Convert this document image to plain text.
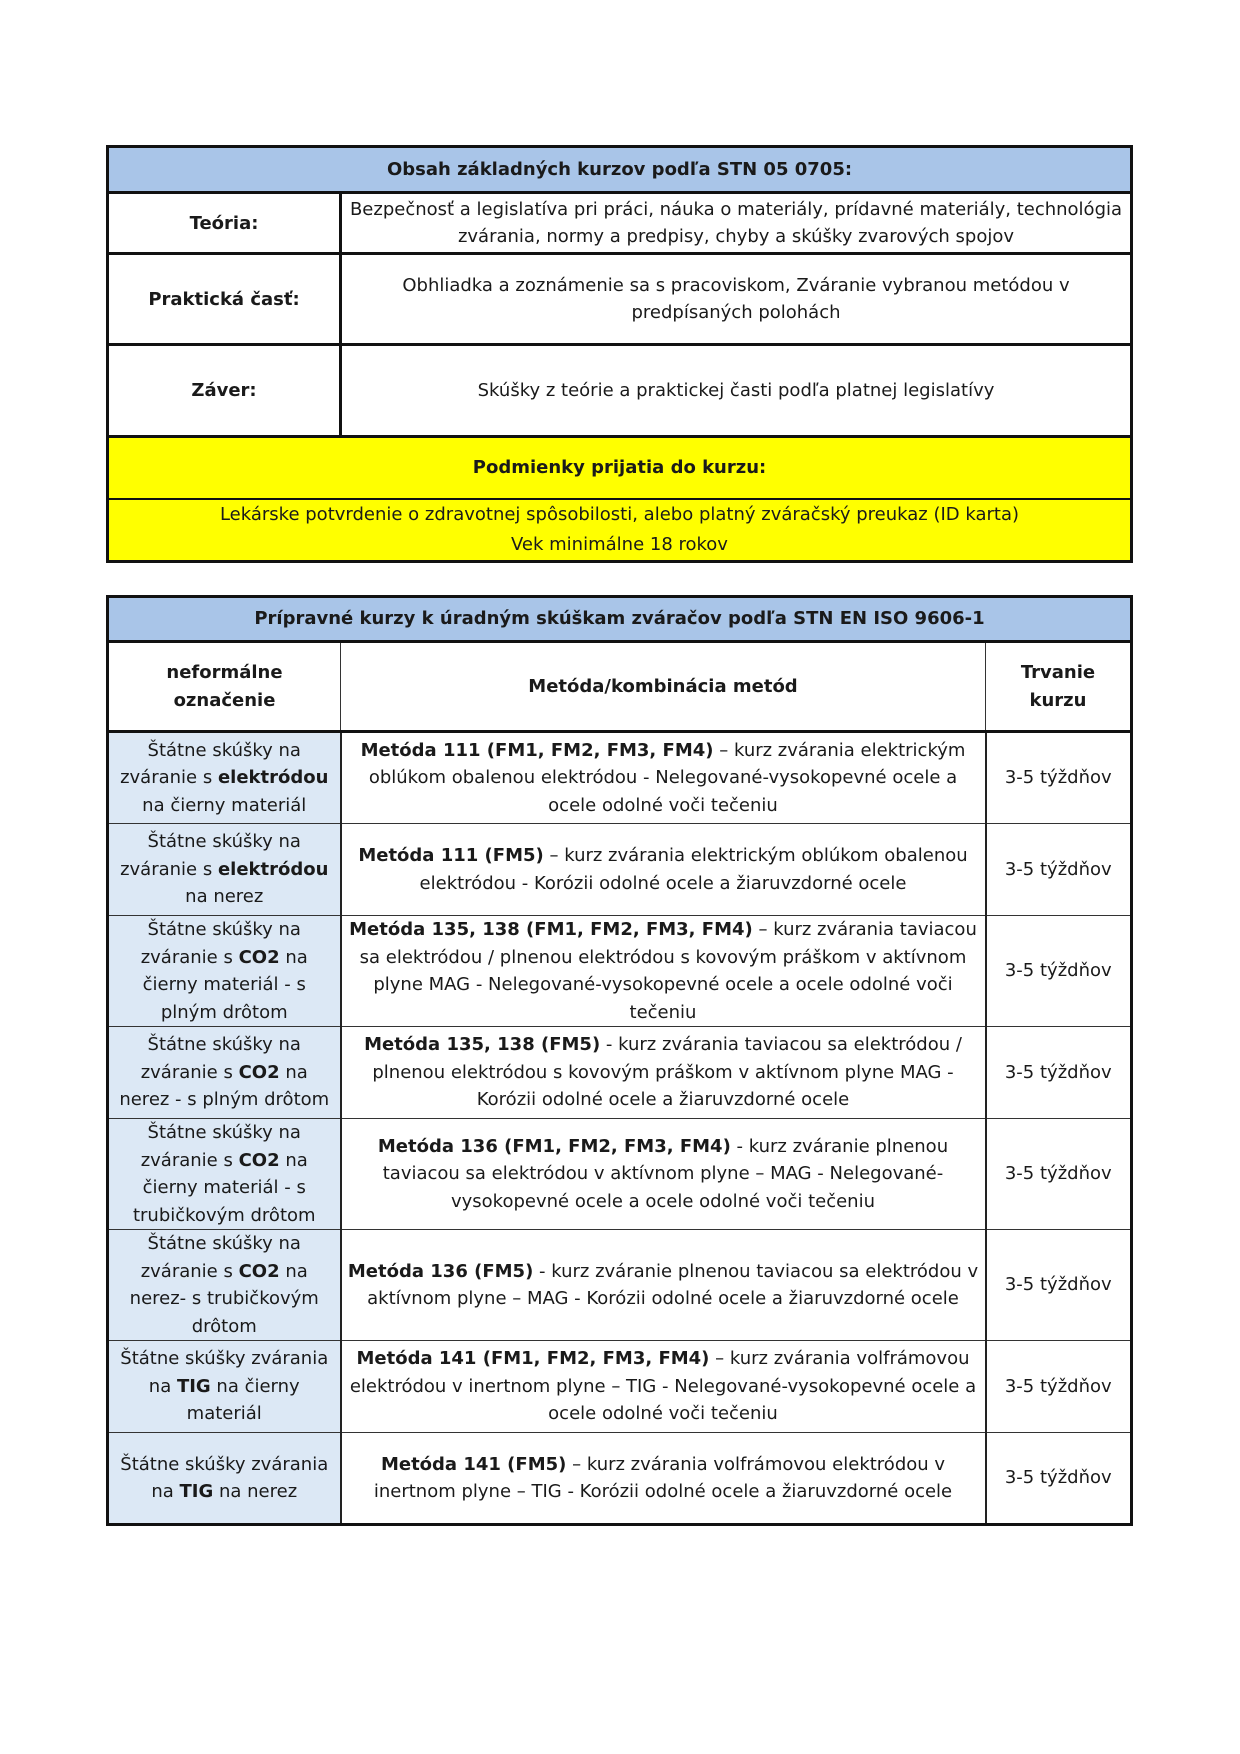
Obsah základných kurzov podľa STN 05 0705:	
Teória:	Bezpečnosť a legislatíva pri práci, náuka o materiály, prídavné materiály, technológia zvárania, normy a predpisy, chyby a skúšky zvarových spojov
Praktická časť:	Obhliadka a zoznámenie sa s pracoviskom, Zváranie vybranou metódou v predpísaných polohách
Záver:	Skúšky z teórie a praktickej časti podľa platnej legislatívy
Podmienky prijatia do kurzu:	

Lekárske potvrdenie o zdravotnej spôsobilosti, alebo platný zváračský preukaz (ID karta)
Vek minimálne 18 rokov	
Prípravné kurzy k úradným skúškam zváračov podľa STN EN ISO 9606-1		
neformálne označenie	Metóda/kombinácia metód	Trvanie kurzu
Štátne skúšky na zváranie s elektródou na čierny materiál	Metóda 111 (FM1, FM2, FM3, FM4) – kurz zvárania elektrickým oblúkom obalenou elektródou - Nelegované-vysokopevné ocele a ocele odolné voči tečeniu	3-5 týždňov
Štátne skúšky na zváranie s elektródou na nerez	Metóda 111 (FM5) – kurz zvárania elektrickým oblúkom obalenou elektródou - Korózii odolné ocele a žiaruvzdorné ocele	3-5 týždňov
Štátne skúšky na zváranie s CO2 na čierny materiál - s plným drôtom	Metóda 135, 138 (FM1, FM2, FM3, FM4) – kurz zvárania taviacou sa elektródou / plnenou elektródou s kovovým práškom v aktívnom plyne MAG - Nelegované-vysokopevné ocele a ocele odolné voči tečeniu	3-5 týždňov
Štátne skúšky na zváranie s CO2 na nerez - s plným drôtom	Metóda 135, 138 (FM5) - kurz zvárania taviacou sa elektródou / plnenou elektródou s kovovým práškom v aktívnom plyne MAG - Korózii odolné ocele a žiaruvzdorné ocele	3-5 týždňov
Štátne skúšky na zváranie s CO2 na čierny materiál - s trubičkovým drôtom	Metóda 136 (FM1, FM2, FM3, FM4) - kurz zváranie plnenou taviacou sa elektródou v aktívnom plyne – MAG - Nelegované-vysokopevné ocele a ocele odolné voči tečeniu	3-5 týždňov
Štátne skúšky na zváranie s CO2 na nerez- s trubičkovým drôtom	Metóda 136 (FM5) - kurz zváranie plnenou taviacou sa elektródou v aktívnom plyne – MAG - Korózii odolné ocele a žiaruvzdorné ocele	3-5 týždňov
Štátne skúšky zvárania na TIG na čierny materiál	Metóda 141 (FM1, FM2, FM3, FM4) – kurz zvárania volfrámovou elektródou v inertnom plyne – TIG - Nelegované-vysokopevné ocele a ocele odolné voči tečeniu	3-5 týždňov
Štátne skúšky zvárania na TIG na nerez	Metóda 141 (FM5) – kurz zvárania volfrámovou elektródou v inertnom plyne – TIG - Korózii odolné ocele a žiaruvzdorné ocele	3-5 týždňov
